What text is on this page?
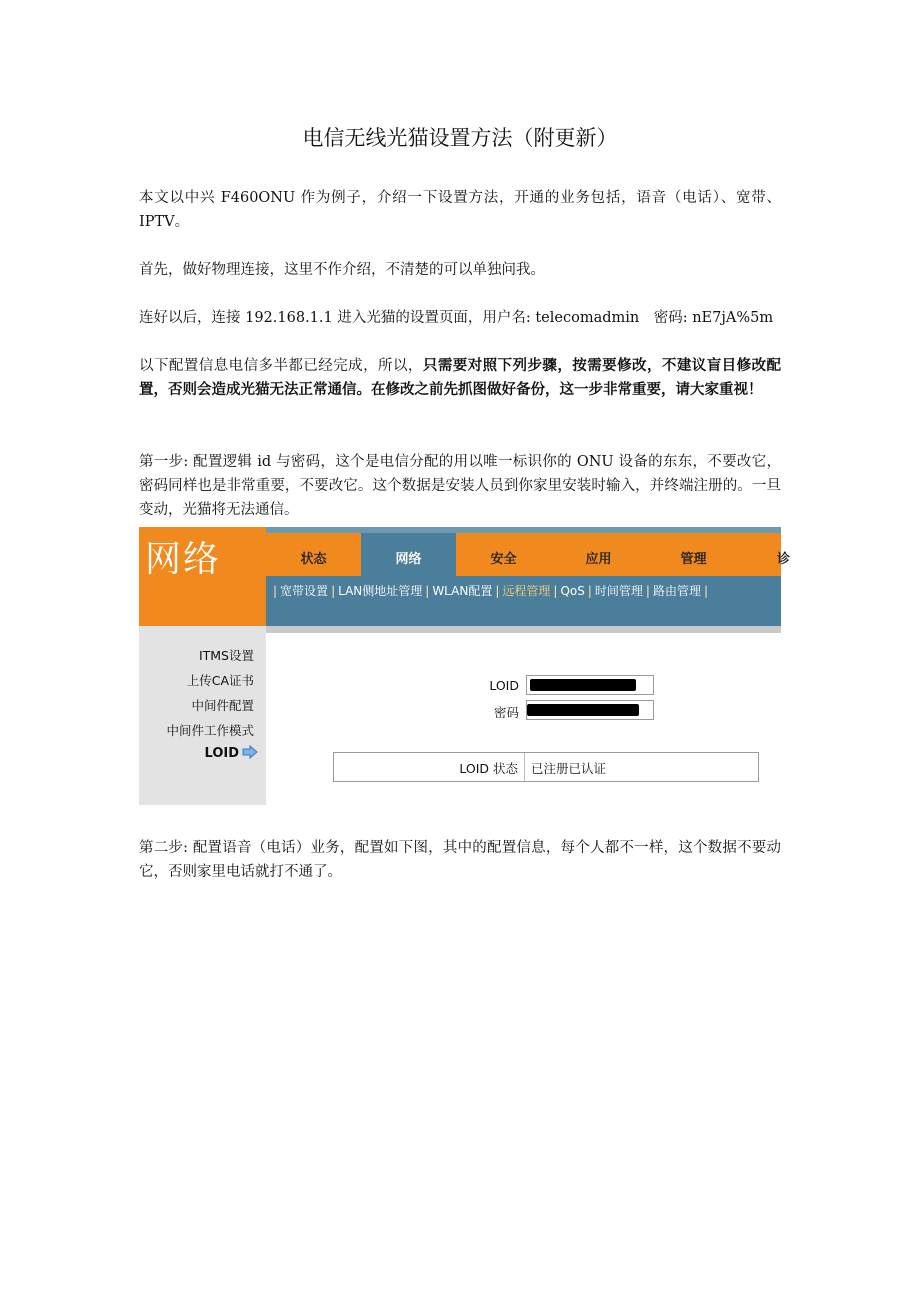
电信无线光猫设置方法（附更新）

本文以中兴 F460ONU 作为例子，介绍一下设置方法，开通的业务包括，语音（电话）、宽带、IPTV。

首先，做好物理连接，这里不作介绍，不清楚的可以单独问我。

连好以后，连接 192.168.1.1 进入光猫的设置页面，用户名: telecomadmin　密码: nE7jA%5m

以下配置信息电信多半都已经完成，所以，只需要对照下列步骤，按需要修改，不建议盲目修改配置，否则会造成光猫无法正常通信。在修改之前先抓图做好备份，这一步非常重要，请大家重视！

第一步: 配置逻辑 id 与密码，这个是电信分配的用以唯一标识你的 ONU 设备的东东，不要改它，密码同样也是非常重要，不要改它。这个数据是安装人员到你家里安装时输入，并终端注册的。一旦变动，光猫将无法通信。

网络	状态	网络	安全	应用	管理	诊
| 宽带设置 | LAN侧地址管理 | WLAN配置 | 远程管理 | QoS | 时间管理 | 路由管理 |
ITMS设置
上传CA证书
中间件配置
中间件工作模式
LOID
LOID
密码
LOID 状态 已注册已认证

第二步: 配置语音（电话）业务，配置如下图，其中的配置信息，每个人都不一样，这个数据不要动它，否则家里电话就打不通了。
